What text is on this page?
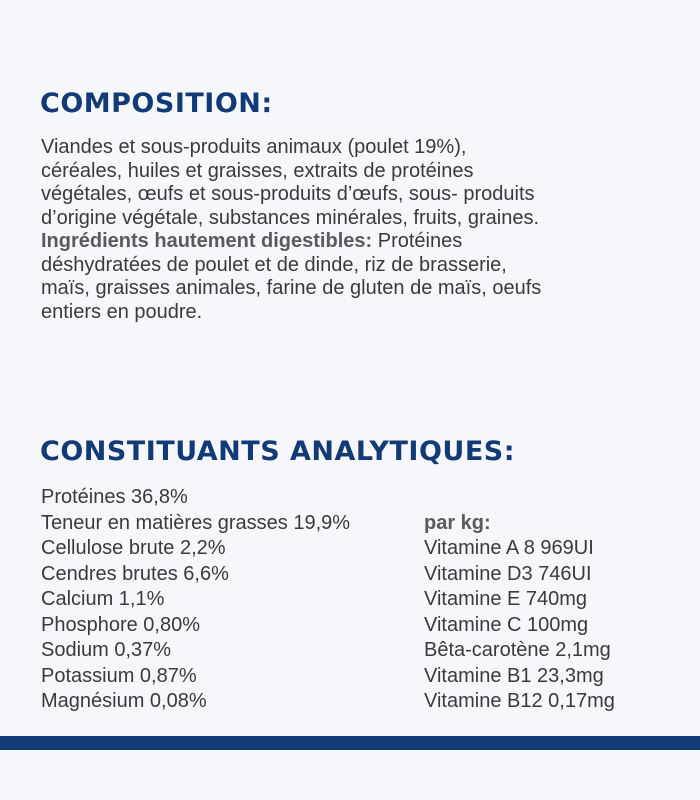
COMPOSITION:
Viandes et sous-produits animaux (poulet 19%),
céréales, huiles et graisses, extraits de protéines
végétales, œufs et sous-produits d’œufs, sous- produits
d’origine végétale, substances minérales, fruits, graines.
Ingrédients hautement digestibles: Protéines
déshydratées de poulet et de dinde, riz de brasserie,
maïs, graisses animales, farine de gluten de maïs, oeufs
entiers en poudre.
CONSTITUANTS ANALYTIQUES:
Protéines 36,8%
Teneur en matières grasses 19,9%
Cellulose brute 2,2%
Cendres brutes 6,6%
Calcium 1,1%
Phosphore 0,80%
Sodium 0,37%
Potassium 0,87%
Magnésium 0,08%
par kg:
Vitamine A 8 969UI
Vitamine D3 746UI
Vitamine E 740mg
Vitamine C 100mg
Bêta-carotène 2,1mg
Vitamine B1 23,3mg
Vitamine B12 0,17mg
